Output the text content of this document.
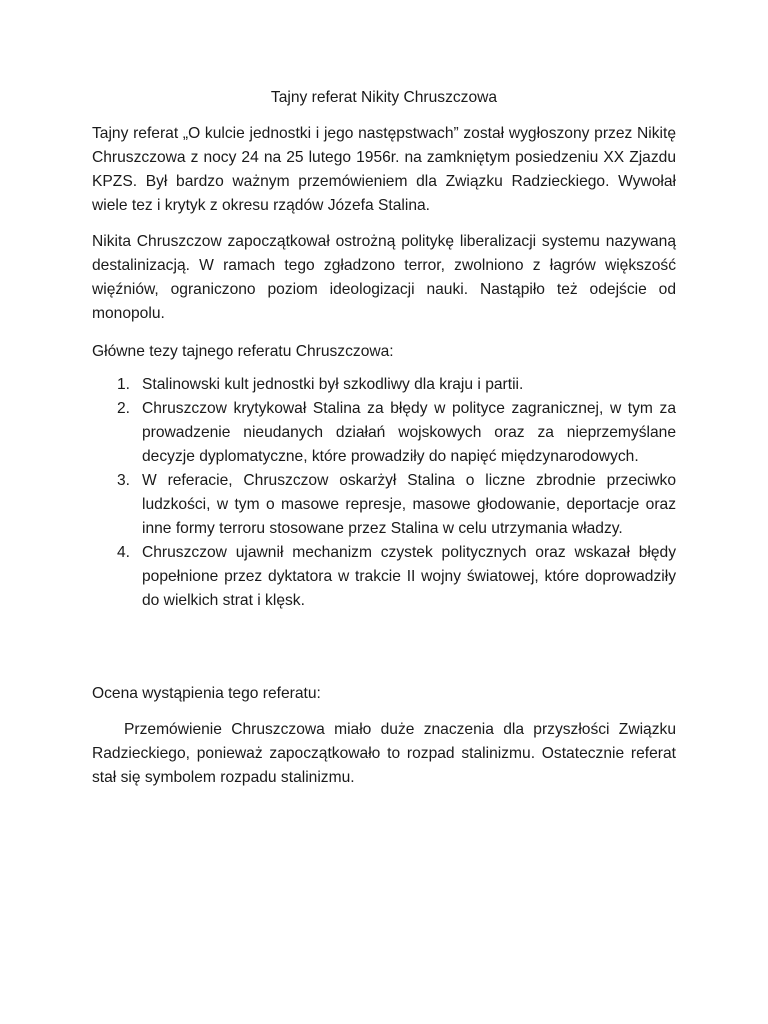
Tajny referat Nikity Chruszczowa

Tajny referat „O kulcie jednostki i jego następstwach” został wygłoszony przez Nikitę Chruszczowa z nocy 24 na 25 lutego 1956r. na zamkniętym posiedzeniu XX Zjazdu KPZS. Był bardzo ważnym przemówieniem dla Związku Radzieckiego. Wywołał wiele tez i krytyk z okresu rządów Józefa Stalina.

Nikita Chruszczow zapoczątkował ostrożną politykę liberalizacji systemu nazywaną destalinizacją. W ramach tego zgładzono terror, zwolniono z łagrów większość więźniów, ograniczono poziom ideologizacji nauki. Nastąpiło też odejście od monopolu.

Główne tezy tajnego referatu Chruszczowa:

1. Stalinowski kult jednostki był szkodliwy dla kraju i partii.
2. Chruszczow krytykował Stalina za błędy w polityce zagranicznej, w tym za prowadzenie nieudanych działań wojskowych oraz za nieprzemyślane decyzje dyplomatyczne, które prowadziły do napięć międzynarodowych.
3. W referacie, Chruszczow oskarżył Stalina o liczne zbrodnie przeciwko ludzkości, w tym o masowe represje, masowe głodowanie, deportacje oraz inne formy terroru stosowane przez Stalina w celu utrzymania władzy.
4. Chruszczow ujawnił mechanizm czystek politycznych oraz wskazał błędy popełnione przez dyktatora w trakcie II wojny światowej, które doprowadziły do wielkich strat i klęsk.

Ocena wystąpienia tego referatu:

Przemówienie Chruszczowa miało duże znaczenia dla przyszłości Związku Radzieckiego, ponieważ zapoczątkowało to rozpad stalinizmu. Ostatecznie referat stał się symbolem rozpadu stalinizmu.
